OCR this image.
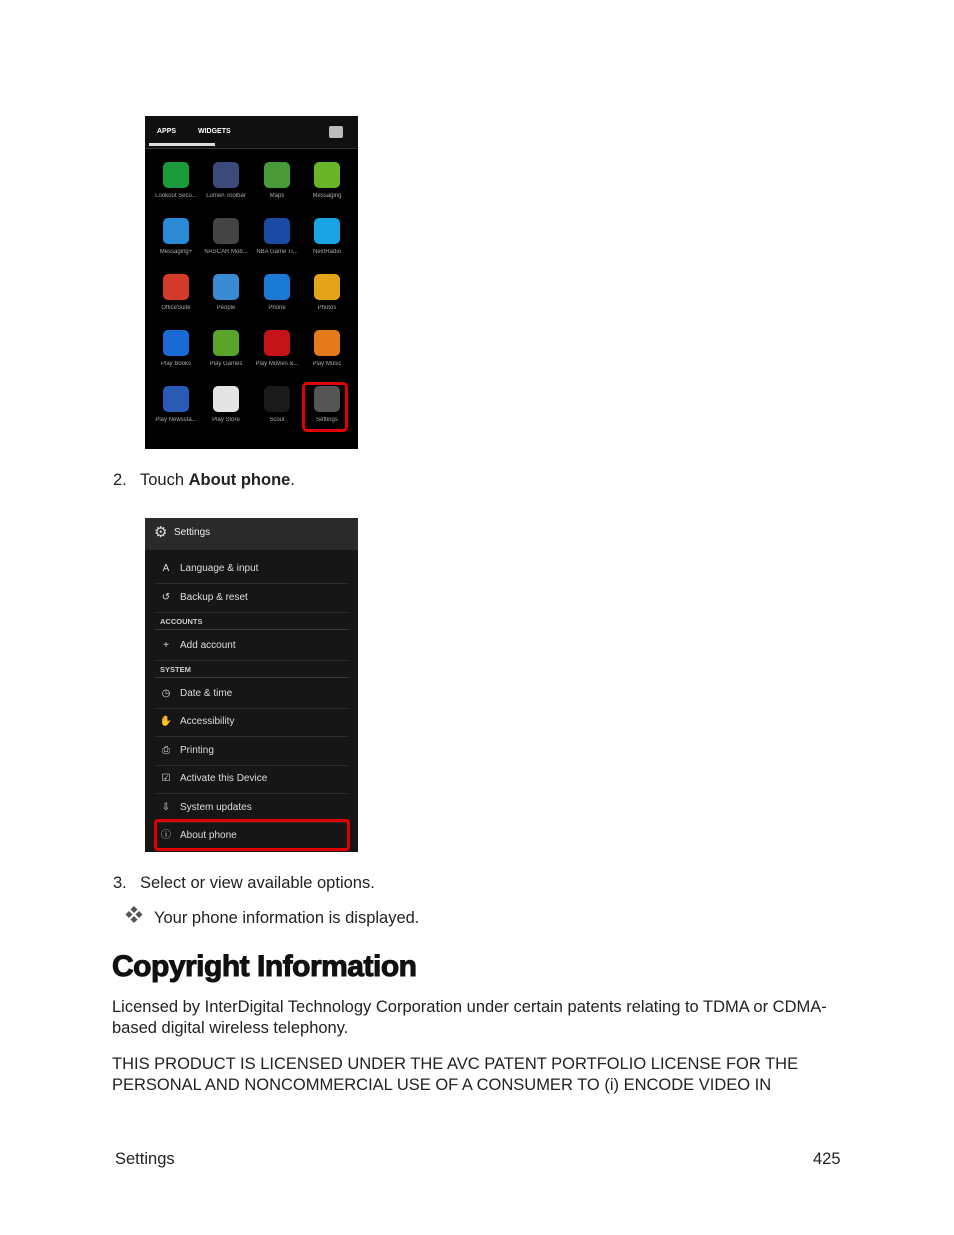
APPS	WIDGETS
Lookout Secu...	Lumen Toolbar	Maps	Messaging
Messaging+	NASCAR Mob...	NBA Game Ti...	NextRadio
OfficeSuite	People	Phone	Photos
Play Books	Play Games	Play Movies &...	Play Music
Play Newssta...	Play Store	Scout	Settings
2. Touch About phone.
⚙ Settings
A	Language & input
↺ Backup & reset
ACCOUNTS
+	Add account
SYSTEM
◷ Date & time
✋ Accessibility
⎙	Printing
☑ Activate this Device
⇩ System updates
ⓘ About phone
3. Select or view available options.
Your phone information is displayed.
Copyright Information
Licensed by InterDigital Technology Corporation under certain patents relating to TDMA or CDMA-based digital wireless telephony.
THIS PRODUCT IS LICENSED UNDER THE AVC PATENT PORTFOLIO LICENSE FOR THE PERSONAL AND NONCOMMERCIAL USE OF A CONSUMER TO (i) ENCODE VIDEO IN
Settings	425
